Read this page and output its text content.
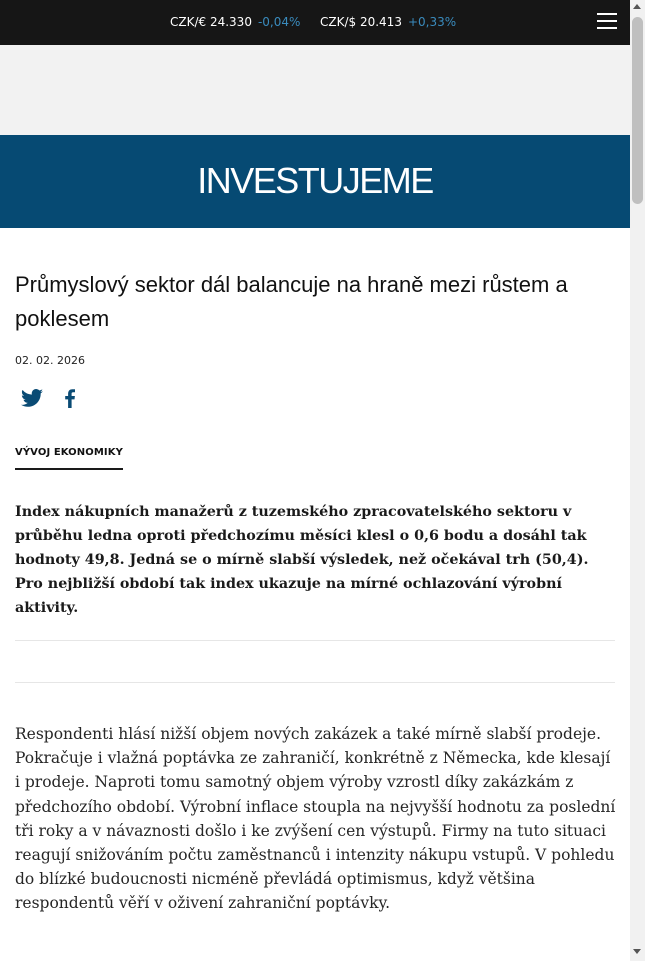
CZK/€ 24.330 -0,04% CZK/$ 20.413 +0,33%
INVESTUJEME
Průmyslový sektor dál balancuje na hraně mezi růstem a poklesem
02. 02. 2026
VÝVOJ EKONOMIKY

Index nákupních manažerů z tuzemského zpracovatelského sektoru v průběhu ledna oproti předchozímu měsíci klesl o 0,6 bodu a dosáhl tak hodnoty 49,8. Jedná se o mírně slabší výsledek, než očekával trh (50,4). Pro nejbližší období tak index ukazuje na mírné ochlazování výrobní aktivity.

Respondenti hlásí nižší objem nových zakázek a také mírně slabší prodeje. Pokračuje i vlažná poptávka ze zahraničí, konkrétně z Německa, kde klesají i prodeje. Naproti tomu samotný objem výroby vzrostl díky zakázkám z předchozího období. Výrobní inflace stoupla na nejvyšší hodnotu za poslední tři roky a v návaznosti došlo i ke zvýšení cen výstupů. Firmy na tuto situaci reagují snižováním počtu zaměstnanců i intenzity nákupu vstupů. V pohledu do blízké budoucnosti nicméně převládá optimismus, když většina respondentů věří v oživení zahraniční poptávky.
